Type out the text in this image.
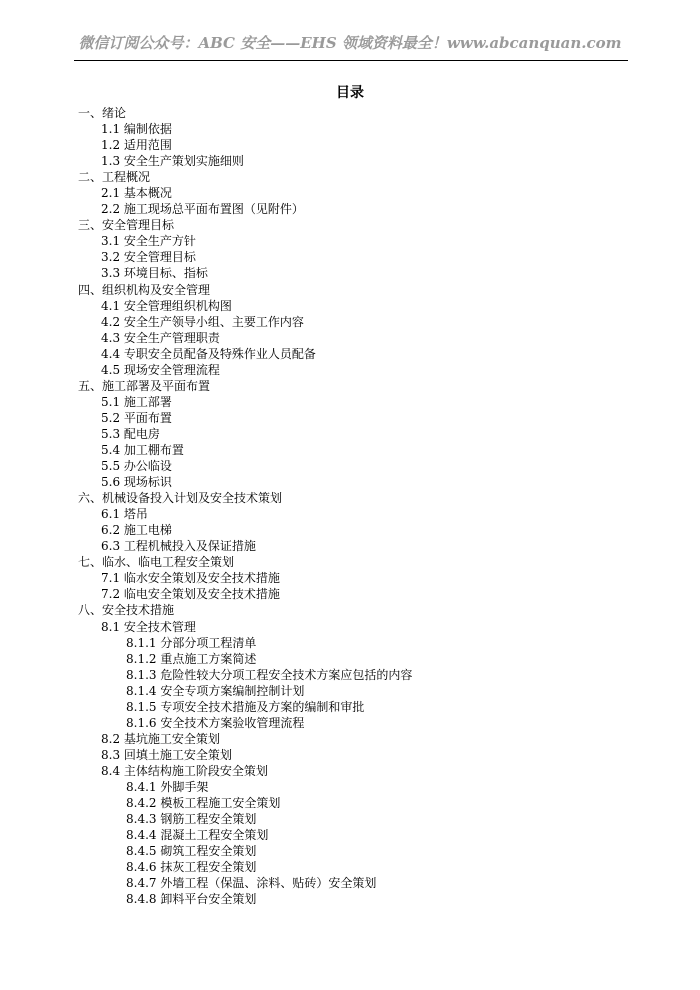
微信订阅公众号：ABC 安全——EHS 领域资料最全！www.abcanquan.com
目录
一、绪论
1.1 编制依据
1.2 适用范围
1.3 安全生产策划实施细则
二、工程概况
2.1 基本概况
2.2 施工现场总平面布置图（见附件）
三、安全管理目标
3.1 安全生产方针
3.2 安全管理目标
3.3 环境目标、指标
四、组织机构及安全管理
4.1 安全管理组织机构图
4.2 安全生产领导小组、主要工作内容
4.3 安全生产管理职责
4.4 专职安全员配备及特殊作业人员配备
4.5 现场安全管理流程
五、施工部署及平面布置
5.1 施工部署
5.2 平面布置
5.3 配电房
5.4 加工棚布置
5.5 办公临设
5.6 现场标识
六、机械设备投入计划及安全技术策划
6.1 塔吊
6.2 施工电梯
6.3 工程机械投入及保证措施
七、临水、临电工程安全策划
7.1 临水安全策划及安全技术措施
7.2 临电安全策划及安全技术措施
八、安全技术措施
8.1 安全技术管理
8.1.1 分部分项工程清单
8.1.2 重点施工方案简述
8.1.3 危险性较大分项工程安全技术方案应包括的内容
8.1.4 安全专项方案编制控制计划
8.1.5 专项安全技术措施及方案的编制和审批
8.1.6 安全技术方案验收管理流程
8.2 基坑施工安全策划
8.3 回填土施工安全策划
8.4 主体结构施工阶段安全策划
8.4.1 外脚手架
8.4.2 模板工程施工安全策划
8.4.3 钢筋工程安全策划
8.4.4 混凝土工程安全策划
8.4.5 砌筑工程安全策划
8.4.6 抹灰工程安全策划
8.4.7 外墙工程（保温、涂料、贴砖）安全策划
8.4.8 卸料平台安全策划
